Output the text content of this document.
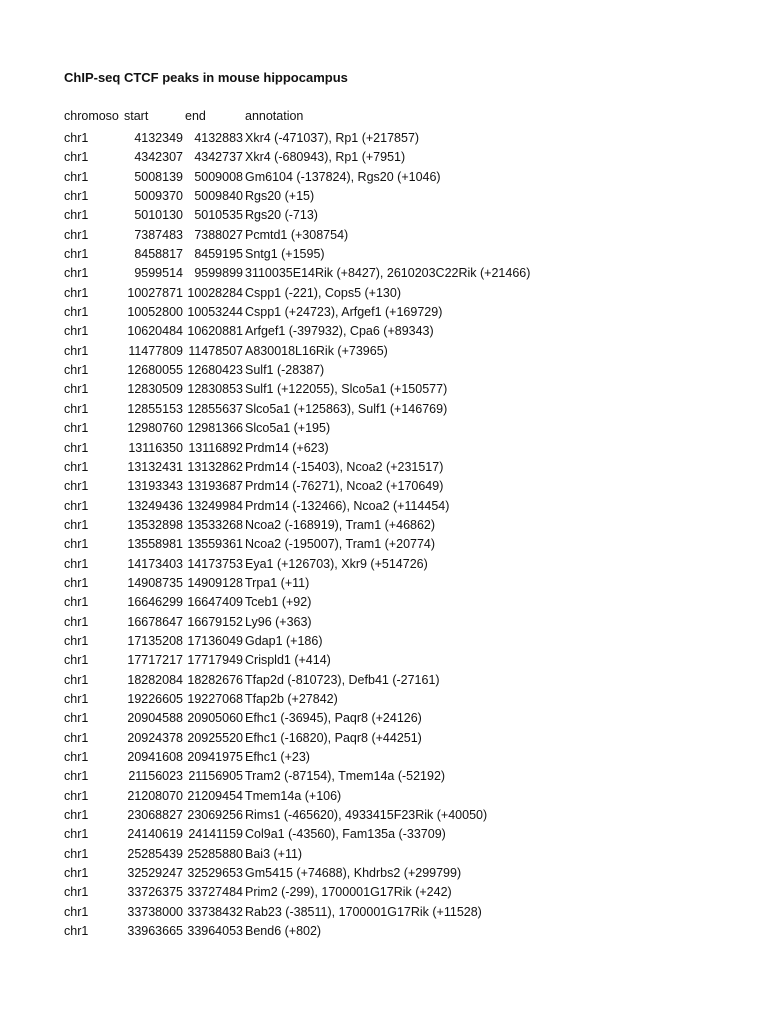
ChIP-seq CTCF peaks in mouse hippocampus
chromoso start	end	annotation
chr1	4132349 4132883 Xkr4 (-471037), Rp1 (+217857)
chr1	4342307 4342737 Xkr4 (-680943), Rp1 (+7951)
chr1	5008139 5009008 Gm6104 (-137824), Rgs20 (+1046)
chr1	5009370 5009840 Rgs20 (+15)
chr1	5010130 5010535 Rgs20 (-713)
chr1	7387483 7388027 Pcmtd1 (+308754)
chr1	8458817 8459195 Sntg1 (+1595)
chr1	9599514 9599899 3110035E14Rik (+8427), 2610203C22Rik (+21466)
chr1	10027871 10028284 Cspp1 (-221), Cops5 (+130)
chr1	10052800 10053244 Cspp1 (+24723), Arfgef1 (+169729)
chr1	10620484 10620881 Arfgef1 (-397932), Cpa6 (+89343)
chr1	11477809 11478507 A830018L16Rik (+73965)
chr1	12680055 12680423 Sulf1 (-28387)
chr1	12830509 12830853 Sulf1 (+122055), Slco5a1 (+150577)
chr1	12855153 12855637 Slco5a1 (+125863), Sulf1 (+146769)
chr1	12980760 12981366 Slco5a1 (+195)
chr1	13116350 13116892 Prdm14 (+623)
chr1	13132431 13132862 Prdm14 (-15403), Ncoa2 (+231517)
chr1	13193343 13193687 Prdm14 (-76271), Ncoa2 (+170649)
chr1	13249436 13249984 Prdm14 (-132466), Ncoa2 (+114454)
chr1	13532898 13533268 Ncoa2 (-168919), Tram1 (+46862)
chr1	13558981 13559361 Ncoa2 (-195007), Tram1 (+20774)
chr1	14173403 14173753 Eya1 (+126703), Xkr9 (+514726)
chr1	14908735 14909128 Trpa1 (+11)
chr1	16646299 16647409 Tceb1 (+92)
chr1	16678647 16679152 Ly96 (+363)
chr1	17135208 17136049 Gdap1 (+186)
chr1	17717217 17717949 Crispld1 (+414)
chr1	18282084 18282676 Tfap2d (-810723), Defb41 (-27161)
chr1	19226605 19227068 Tfap2b (+27842)
chr1	20904588 20905060 Efhc1 (-36945), Paqr8 (+24126)
chr1	20924378 20925520 Efhc1 (-16820), Paqr8 (+44251)
chr1	20941608 20941975 Efhc1 (+23)
chr1	21156023 21156905 Tram2 (-87154), Tmem14a (-52192)
chr1	21208070 21209454 Tmem14a (+106)
chr1	23068827 23069256 Rims1 (-465620), 4933415F23Rik (+40050)
chr1	24140619 24141159 Col9a1 (-43560), Fam135a (-33709)
chr1	25285439 25285880 Bai3 (+11)
chr1	32529247 32529653 Gm5415 (+74688), Khdrbs2 (+299799)
chr1	33726375 33727484 Prim2 (-299), 1700001G17Rik (+242)
chr1	33738000 33738432 Rab23 (-38511), 1700001G17Rik (+11528)
chr1	33963665 33964053 Bend6 (+802)
